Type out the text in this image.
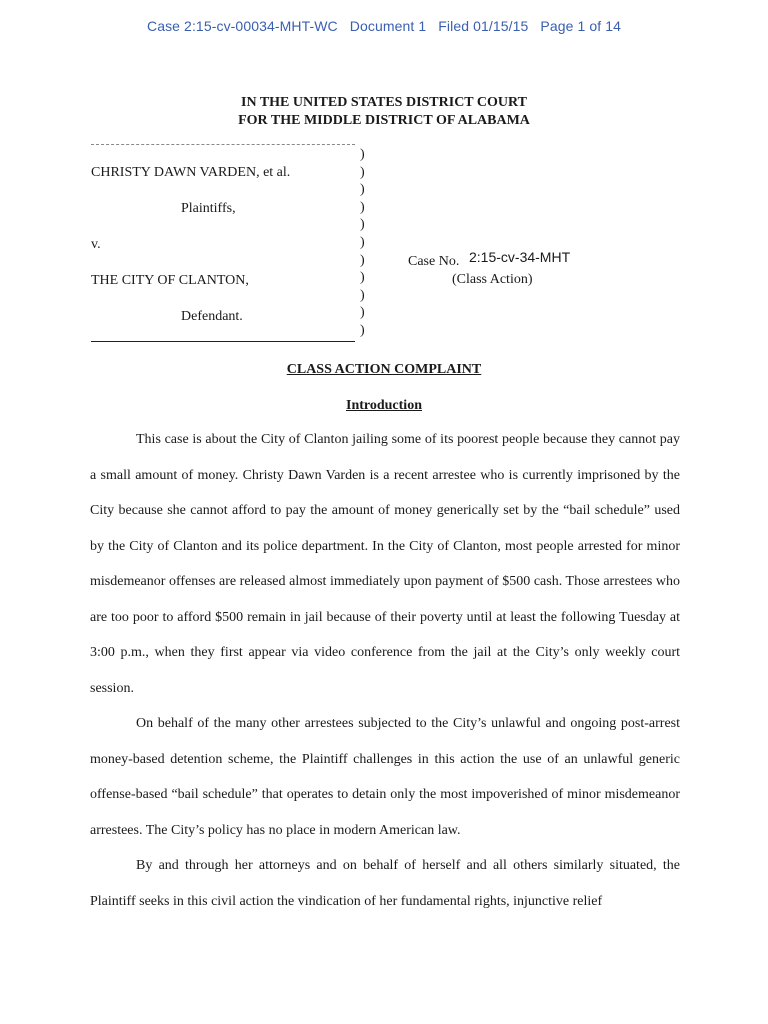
Case 2:15-cv-00034-MHT-WC Document 1 Filed 01/15/15 Page 1 of 14
IN THE UNITED STATES DISTRICT COURT
FOR THE MIDDLE DISTRICT OF ALABAMA
)
)
)
)
)
)
)
)
)
)
)
CHRISTY DAWN VARDEN, et al.
Plaintiffs,
v.
THE CITY OF CLANTON,
Defendant.
Case No. 2:15-cv-34-MHT
(Class Action)
CLASS ACTION COMPLAINT
Introduction

This case is about the City of Clanton jailing some of its poorest people because they cannot pay a small amount of money. Christy Dawn Varden is a recent arrestee who is currently imprisoned by the City because she cannot afford to pay the amount of money generically set by the “bail schedule” used by the City of Clanton and its police department. In the City of Clanton, most people arrested for minor misdemeanor offenses are released almost immediately upon payment of $500 cash. Those arrestees who are too poor to afford $500 remain in jail because of their poverty until at least the following Tuesday at 3:00 p.m., when they first appear via video conference from the jail at the City’s only weekly court session.

On behalf of the many other arrestees subjected to the City’s unlawful and ongoing post-arrest money-based detention scheme, the Plaintiff challenges in this action the use of an unlawful generic offense-based “bail schedule” that operates to detain only the most impoverished of minor misdemeanor arrestees. The City’s policy has no place in modern American law.

By and through her attorneys and on behalf of herself and all others similarly situated, the Plaintiff seeks in this civil action the vindication of her fundamental rights, injunctive relief
